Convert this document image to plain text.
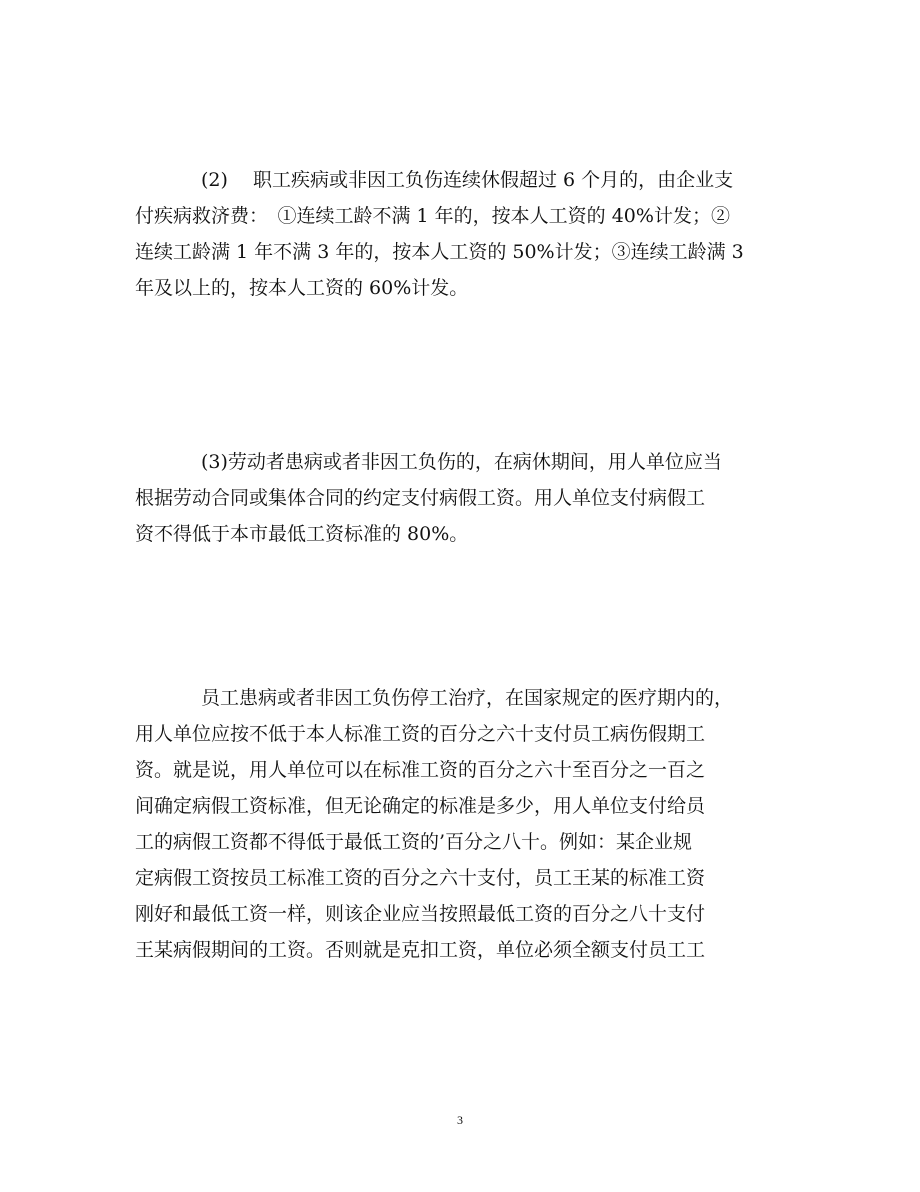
(2)　 职工疾病或非因工负伤连续休假超过 6 个月的，由企业支
付疾病救济费：　①连续工龄不满 1 年的，按本人工资的 40%计发；②
连续工龄满 1 年不满 3 年的，按本人工资的 50%计发；③连续工龄满 3
年及以上的，按本人工资的 60%计发。
(3)劳动者患病或者非因工负伤的，在病休期间，用人单位应当
根据劳动合同或集体合同的约定支付病假工资。用人单位支付病假工
资不得低于本市最低工资标准的 80%。
员工患病或者非因工负伤停工治疗，在国家规定的医疗期内的，
用人单位应按不低于本人标准工资的百分之六十支付员工病伤假期工
资。就是说，用人单位可以在标准工资的百分之六十至百分之一百之
间确定病假工资标准，但无论确定的标准是多少，用人单位支付给员
工的病假工资都不得低于最低工资的’百分之八十。例如：某企业规
定病假工资按员工标准工资的百分之六十支付，员工王某的标准工资
刚好和最低工资一样，则该企业应当按照最低工资的百分之八十支付
王某病假期间的工资。否则就是克扣工资，单位必须全额支付员工工
3
